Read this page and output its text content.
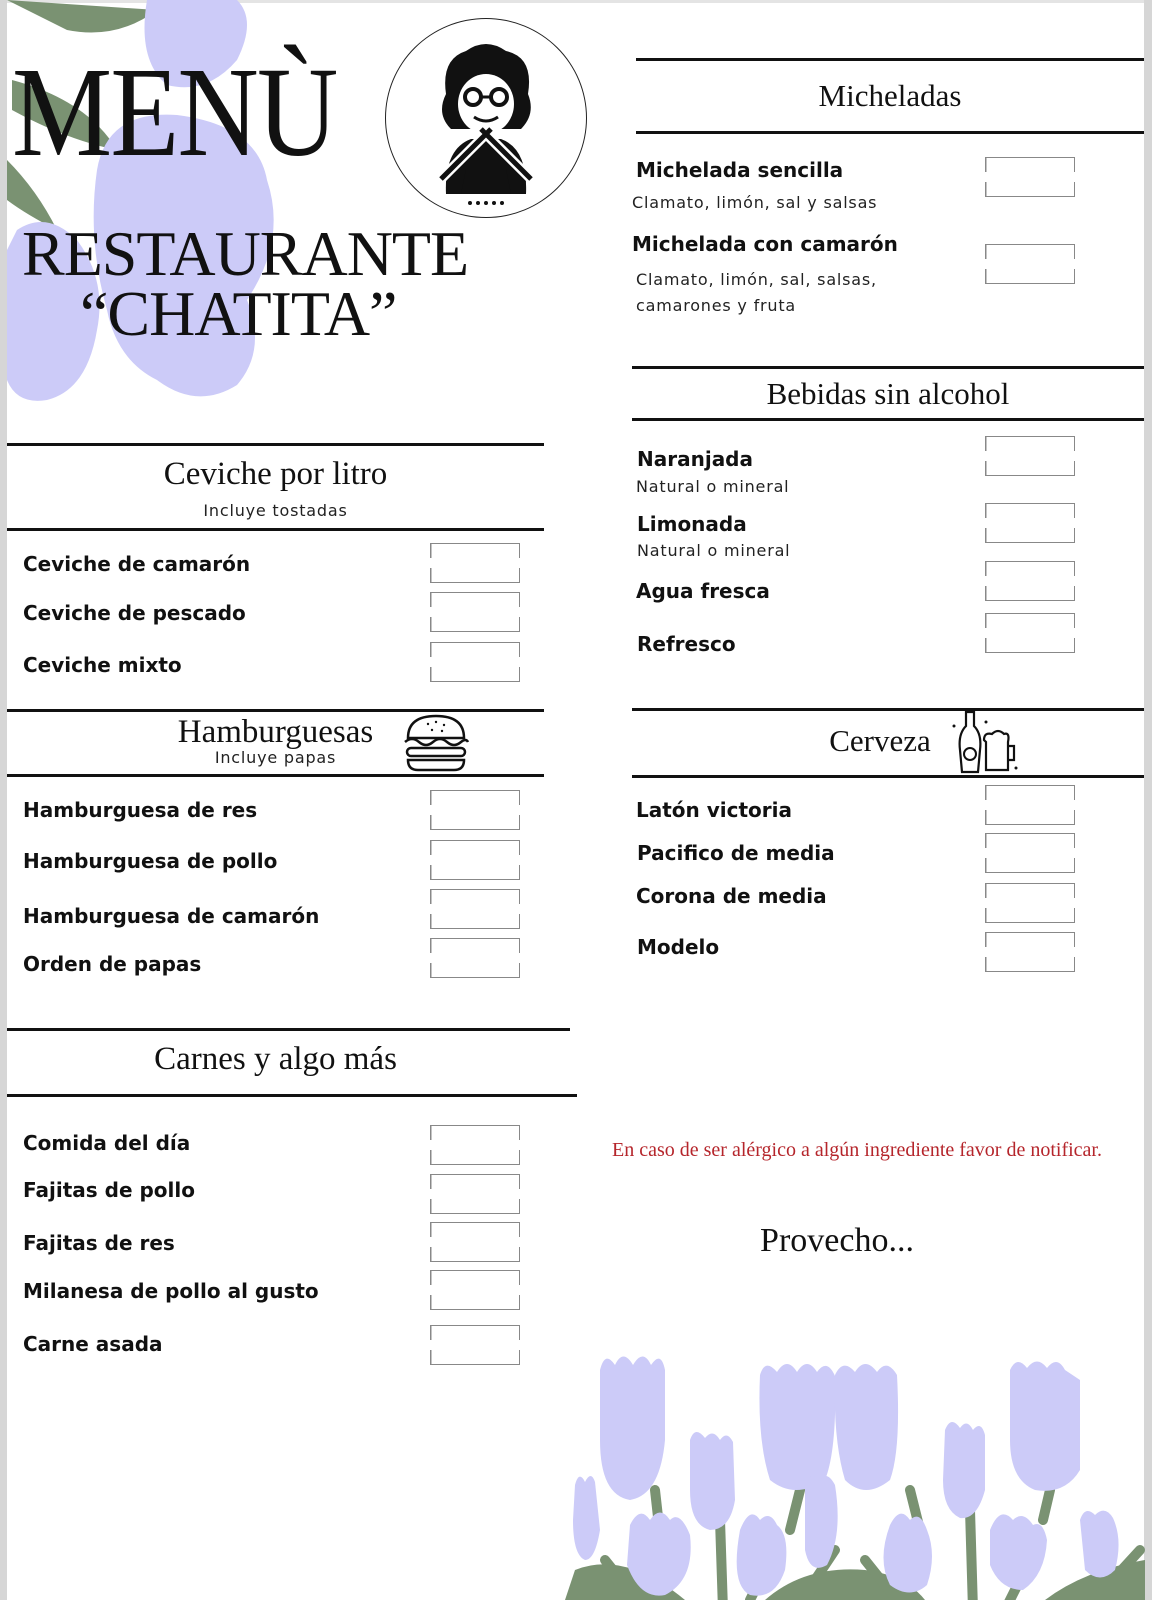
MENÙ
RESTAURANTE
“CHATITA”
Ceviche por litro
Incluye tostadas
Ceviche de camarón
Ceviche de pescado
Ceviche mixto
Hamburguesas
Incluye papas
Hamburguesa de res
Hamburguesa de pollo
Hamburguesa de camarón
Orden de papas
Carnes y algo más
Comida del día
Fajitas de pollo
Fajitas de res
Milanesa de pollo al gusto
Carne asada
Micheladas
Michelada sencilla
Clamato, limón, sal y salsas
Michelada con camarón
Clamato, limón, sal, salsas,
camarones y fruta
Bebidas sin alcohol
Naranjada
Natural o mineral
Limonada
Natural o mineral
Agua fresca
Refresco
Cerveza
Latón victoria
Pacifico de media
Corona de media
Modelo
En caso de ser alérgico a algún ingrediente favor de notificar.
Provecho...
